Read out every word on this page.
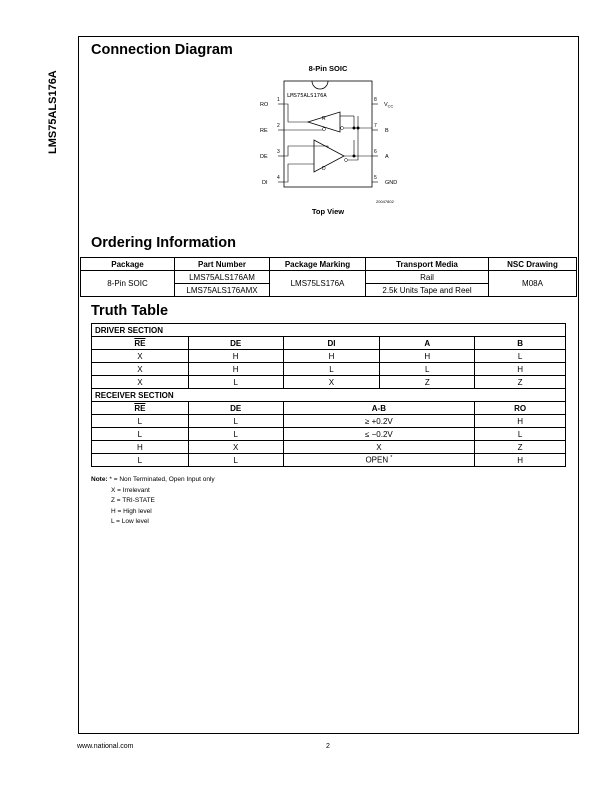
LMS75ALS176A
Connection Diagram
8-Pin SOIC
LMS75ALS176A
RO
RE
DE
DI
1
2
3
4
8
7
6
5
$V_{CC}$
B
A
GND
R
D
20047802
Top View
Ordering Information
Package	Part Number	Package Marking	Transport Media	NSC Drawing
8-Pin SOIC	LMS75ALS176AM	LMS75LS176A	Rail	M08A
	LMS75ALS176AMX		2.5k Units Tape and Reel	
Truth Table
DRIVER SECTION				
$\overline{RE}$	DE	DI	A	B
X	H	H	H	L
X	H	L	L	H
X	L	X	Z	Z
RECEIVER SECTION				
$\overline{RE}$	DE	A-B		RO
L	L	≥ +0.2V		H
L	L	≤ −0.2V		L
H	X	X		Z
L	L	OPEN *		H
Note: * = Non Terminated, Open Input only
X = Irrelevant
Z = TRI-STATE
H = High level
L = Low level
www.national.com	2
